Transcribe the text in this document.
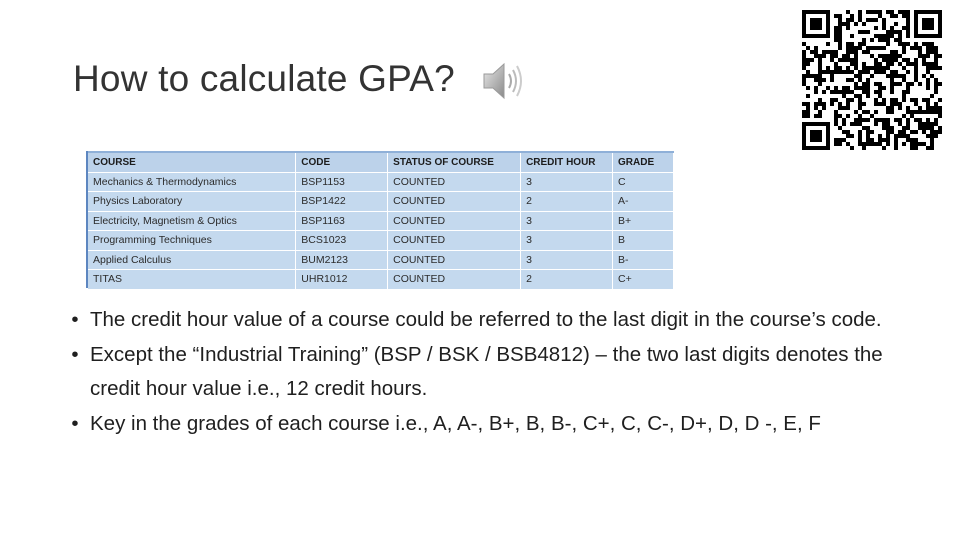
How to calculate GPA?
COURSE	CODE	STATUS OF COURSE	CREDIT HOUR	GRADE
Mechanics & Thermodynamics	BSP1153	COUNTED	3	C
Physics Laboratory	BSP1422	COUNTED	2	A-
Electricity, Magnetism & Optics	BSP1163	COUNTED	3	B+
Programming Techniques	BCS1023	COUNTED	3	B
Applied Calculus	BUM2123	COUNTED	3	B-
TITAS	UHR1012	COUNTED	2	C+
• The credit hour value of a course could be referred to the last digit in the course’s code.
• Except the “Industrial Training” (BSP / BSK / BSB4812) – the two last digits denotes the credit hour value i.e., 12 credit hours.
• Key in the grades of each course i.e., A, A-, B+, B, B-, C+, C, C-, D+, D, D -, E, F
